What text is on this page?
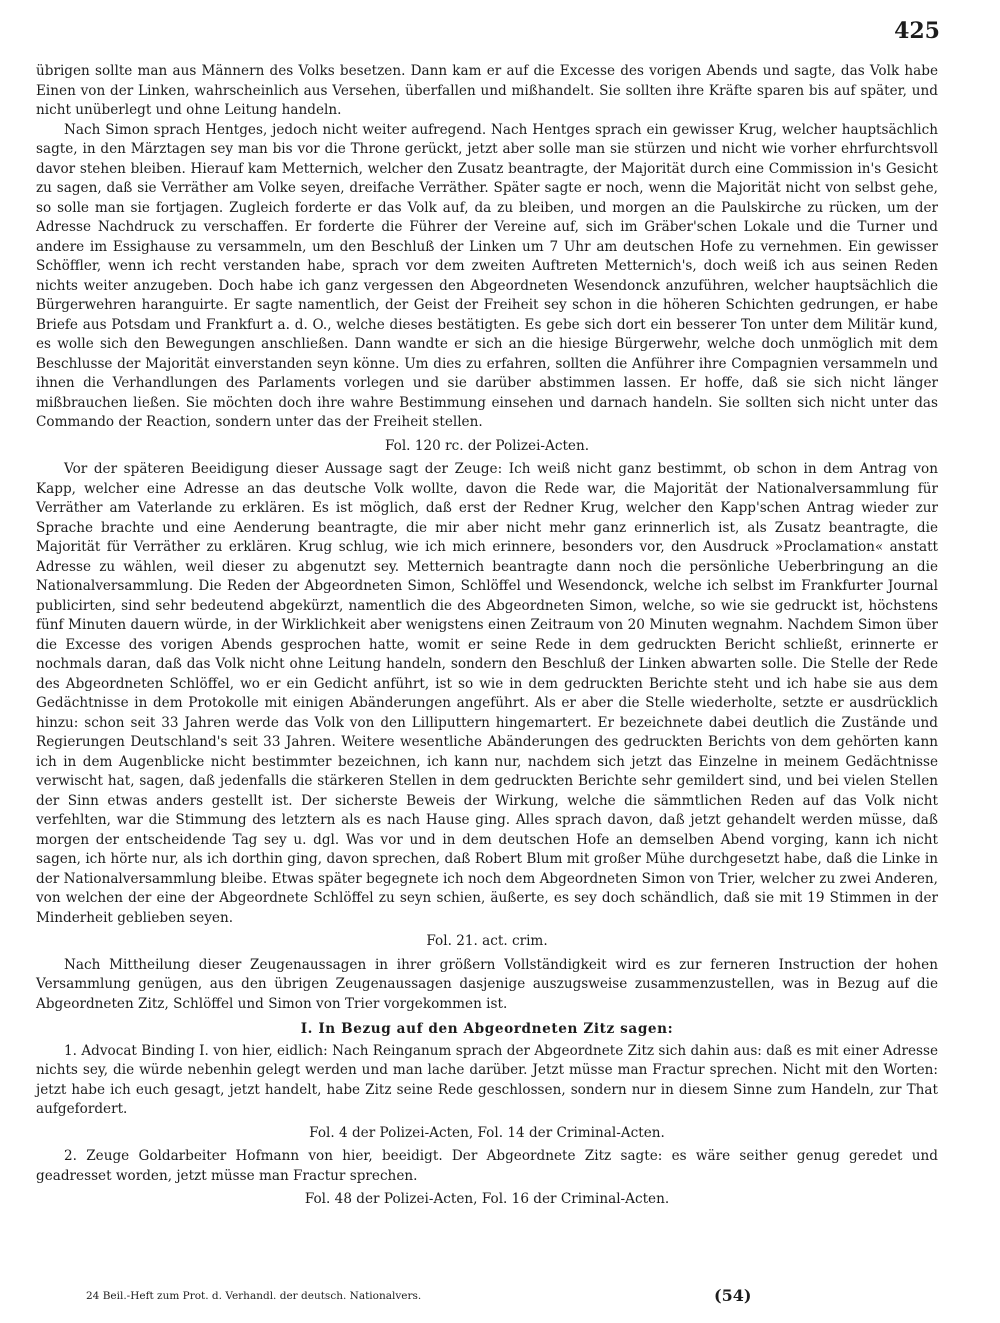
425

übrigen sollte man aus Männern des Volks besetzen. Dann kam er auf die Excesse des vorigen Abends und sagte, das Volk habe Einen von der Linken, wahrscheinlich aus Versehen, überfallen und mißhandelt. Sie sollten ihre Kräfte sparen bis auf später, und nicht unüberlegt und ohne Leitung handeln.

Nach Simon sprach Hentges, jedoch nicht weiter aufregend. Nach Hentges sprach ein gewisser Krug, welcher hauptsächlich sagte, in den Märztagen sey man bis vor die Throne gerückt, jetzt aber solle man sie stürzen und nicht wie vorher ehrfurchtsvoll davor stehen bleiben. Hierauf kam Metternich, welcher den Zusatz beantragte, der Majorität durch eine Commission in's Gesicht zu sagen, daß sie Verräther am Volke seyen, dreifache Verräther. Später sagte er noch, wenn die Majorität nicht von selbst gehe, so solle man sie fortjagen. Zugleich forderte er das Volk auf, da zu bleiben, und morgen an die Paulskirche zu rücken, um der Adresse Nachdruck zu verschaffen. Er forderte die Führer der Vereine auf, sich im Gräber'schen Lokale und die Turner und andere im Essighause zu versammeln, um den Beschluß der Linken um 7 Uhr am deutschen Hofe zu vernehmen. Ein gewisser Schöffler, wenn ich recht verstanden habe, sprach vor dem zweiten Auftreten Metternich's, doch weiß ich aus seinen Reden nichts weiter anzugeben. Doch habe ich ganz vergessen den Abgeordneten Wesendonck anzuführen, welcher hauptsächlich die Bürgerwehren haranguirte. Er sagte namentlich, der Geist der Freiheit sey schon in die höheren Schichten gedrungen, er habe Briefe aus Potsdam und Frankfurt a. d. O., welche dieses bestätigten. Es gebe sich dort ein besserer Ton unter dem Militär kund, es wolle sich den Bewegungen anschließen. Dann wandte er sich an die hiesige Bürgerwehr, welche doch unmöglich mit dem Beschlusse der Majorität einverstanden seyn könne. Um dies zu erfahren, sollten die Anführer ihre Compagnien versammeln und ihnen die Verhandlungen des Parlaments vorlegen und sie darüber abstimmen lassen. Er hoffe, daß sie sich nicht länger mißbrauchen ließen. Sie möchten doch ihre wahre Bestimmung einsehen und darnach handeln. Sie sollten sich nicht unter das Commando der Reaction, sondern unter das der Freiheit stellen.

Fol. 120 rc. der Polizei-Acten.

Vor der späteren Beeidigung dieser Aussage sagt der Zeuge: Ich weiß nicht ganz bestimmt, ob schon in dem Antrag von Kapp, welcher eine Adresse an das deutsche Volk wollte, davon die Rede war, die Majorität der Nationalversammlung für Verräther am Vaterlande zu erklären. Es ist möglich, daß erst der Redner Krug, welcher den Kapp'schen Antrag wieder zur Sprache brachte und eine Aenderung beantragte, die mir aber nicht mehr ganz erinnerlich ist, als Zusatz beantragte, die Majorität für Verräther zu erklären. Krug schlug, wie ich mich erinnere, besonders vor, den Ausdruck »Proclamation« anstatt Adresse zu wählen, weil dieser zu abgenutzt sey. Metternich beantragte dann noch die persönliche Ueberbringung an die Nationalversammlung. Die Reden der Abgeordneten Simon, Schlöffel und Wesendonck, welche ich selbst im Frankfurter Journal publicirten, sind sehr bedeutend abgekürzt, namentlich die des Abgeordneten Simon, welche, so wie sie gedruckt ist, höchstens fünf Minuten dauern würde, in der Wirklichkeit aber wenigstens einen Zeitraum von 20 Minuten wegnahm. Nachdem Simon über die Excesse des vorigen Abends gesprochen hatte, womit er seine Rede in dem gedruckten Bericht schließt, erinnerte er nochmals daran, daß das Volk nicht ohne Leitung handeln, sondern den Beschluß der Linken abwarten solle. Die Stelle der Rede des Abgeordneten Schlöffel, wo er ein Gedicht anführt, ist so wie in dem gedruckten Berichte steht und ich habe sie aus dem Gedächtnisse in dem Protokolle mit einigen Abänderungen angeführt. Als er aber die Stelle wiederholte, setzte er ausdrücklich hinzu: schon seit 33 Jahren werde das Volk von den Lilliputtern hingemartert. Er bezeichnete dabei deutlich die Zustände und Regierungen Deutschland's seit 33 Jahren. Weitere wesentliche Abänderungen des gedruckten Berichts von dem gehörten kann ich in dem Augenblicke nicht bestimmter bezeichnen, ich kann nur, nachdem sich jetzt das Einzelne in meinem Gedächtnisse verwischt hat, sagen, daß jedenfalls die stärkeren Stellen in dem gedruckten Berichte sehr gemildert sind, und bei vielen Stellen der Sinn etwas anders gestellt ist. Der sicherste Beweis der Wirkung, welche die sämmtlichen Reden auf das Volk nicht verfehlten, war die Stimmung des letztern als es nach Hause ging. Alles sprach davon, daß jetzt gehandelt werden müsse, daß morgen der entscheidende Tag sey u. dgl. Was vor und in dem deutschen Hofe an demselben Abend vorging, kann ich nicht sagen, ich hörte nur, als ich dorthin ging, davon sprechen, daß Robert Blum mit großer Mühe durchgesetzt habe, daß die Linke in der Nationalversammlung bleibe. Etwas später begegnete ich noch dem Abgeordneten Simon von Trier, welcher zu zwei Anderen, von welchen der eine der Abgeordnete Schlöffel zu seyn schien, äußerte, es sey doch schändlich, daß sie mit 19 Stimmen in der Minderheit geblieben seyen.

Fol. 21. act. crim.

Nach Mittheilung dieser Zeugenaussagen in ihrer größern Vollständigkeit wird es zur ferneren Instruction der hohen Versammlung genügen, aus den übrigen Zeugenaussagen dasjenige auszugsweise zusammenzustellen, was in Bezug auf die Abgeordneten Zitz, Schlöffel und Simon von Trier vorgekommen ist.

I. In Bezug auf den Abgeordneten Zitz sagen:

1. Advocat Binding I. von hier, eidlich: Nach Reinganum sprach der Abgeordnete Zitz sich dahin aus: daß es mit einer Adresse nichts sey, die würde nebenhin gelegt werden und man lache darüber. Jetzt müsse man Fractur sprechen. Nicht mit den Worten: jetzt habe ich euch gesagt, jetzt handelt, habe Zitz seine Rede geschlossen, sondern nur in diesem Sinne zum Handeln, zur That aufgefordert.

Fol. 4 der Polizei-Acten, Fol. 14 der Criminal-Acten.

2. Zeuge Goldarbeiter Hofmann von hier, beeidigt. Der Abgeordnete Zitz sagte: es wäre seither genug geredet und geadresset worden, jetzt müsse man Fractur sprechen.

Fol. 48 der Polizei-Acten, Fol. 16 der Criminal-Acten.

24 Beil.-Heft zum Prot. d. Verhandl. der deutsch. Nationalvers.	(54)
